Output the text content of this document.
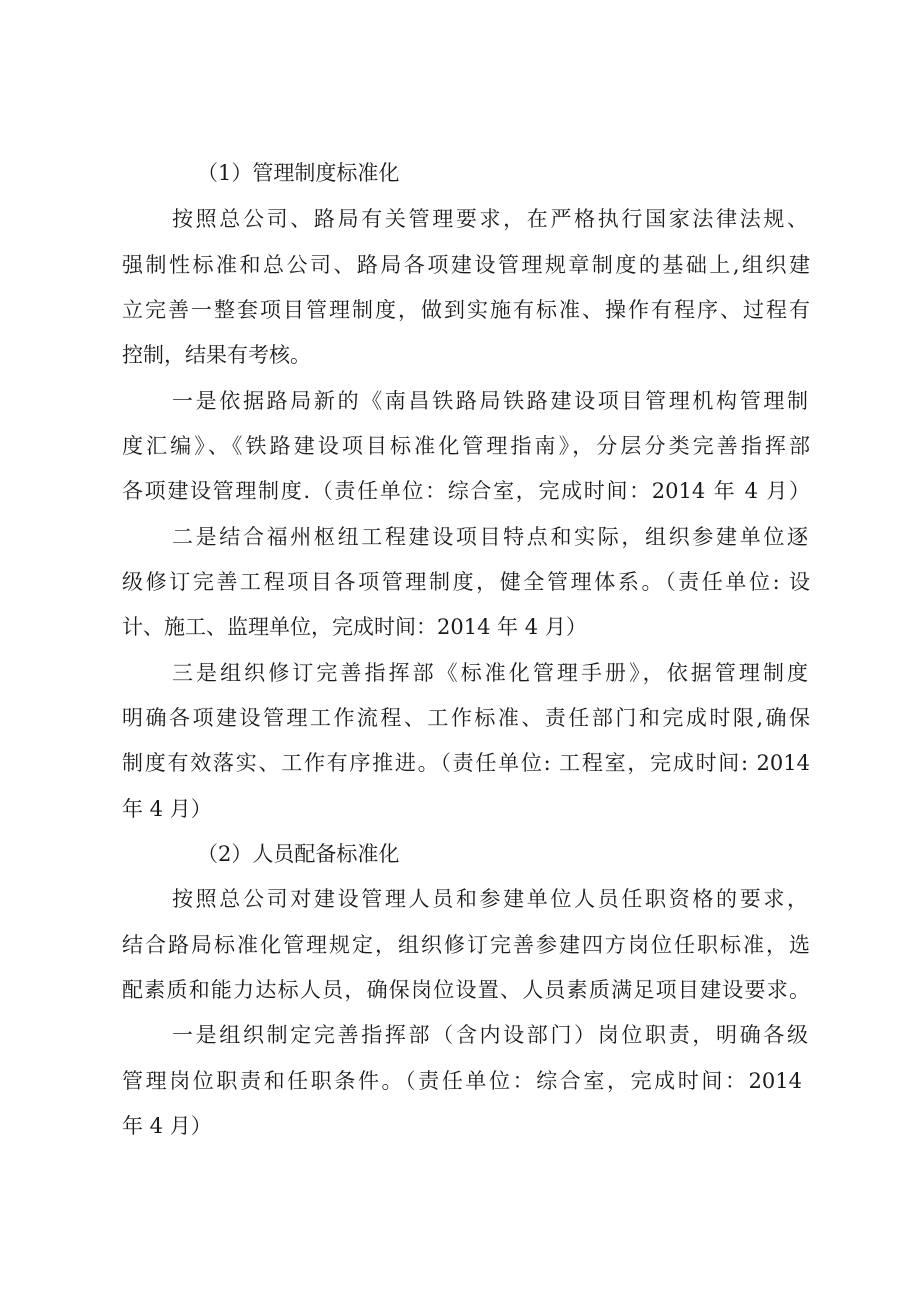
（1）管理制度标准化

按照总公司、路局有关管理要求，在严格执行国家法律法规、

强制性标准和总公司、路局各项建设管理规章制度的基础上,组织建

立完善一整套项目管理制度，做到实施有标准、操作有程序、过程有

控制，结果有考核。

一是依据路局新的《南昌铁路局铁路建设项目管理机构管理制

度汇编》、《铁路建设项目标准化管理指南》，分层分类完善指挥部

各项建设管理制度.（责任单位：综合室，完成时间：2014 年 4 月）

二是结合福州枢纽工程建设项目特点和实际，组织参建单位逐

级修订完善工程项目各项管理制度，健全管理体系。（责任单位: 设

计、施工、监理单位，完成时间：2014 年 4 月）

三是组织修订完善指挥部《标准化管理手册》，依据管理制度

明确各项建设管理工作流程、工作标准、责任部门和完成时限,确保

制度有效落实、工作有序推进。（责任单位: 工程室，完成时间: 2014

年 4 月）

（2）人员配备标准化

按照总公司对建设管理人员和参建单位人员任职资格的要求，

结合路局标准化管理规定，组织修订完善参建四方岗位任职标准，选

配素质和能力达标人员，确保岗位设置、人员素质满足项目建设要求。

一是组织制定完善指挥部（含内设部门）岗位职责，明确各级

管理岗位职责和任职条件。（责任单位：综合室，完成时间：2014

年 4 月）
